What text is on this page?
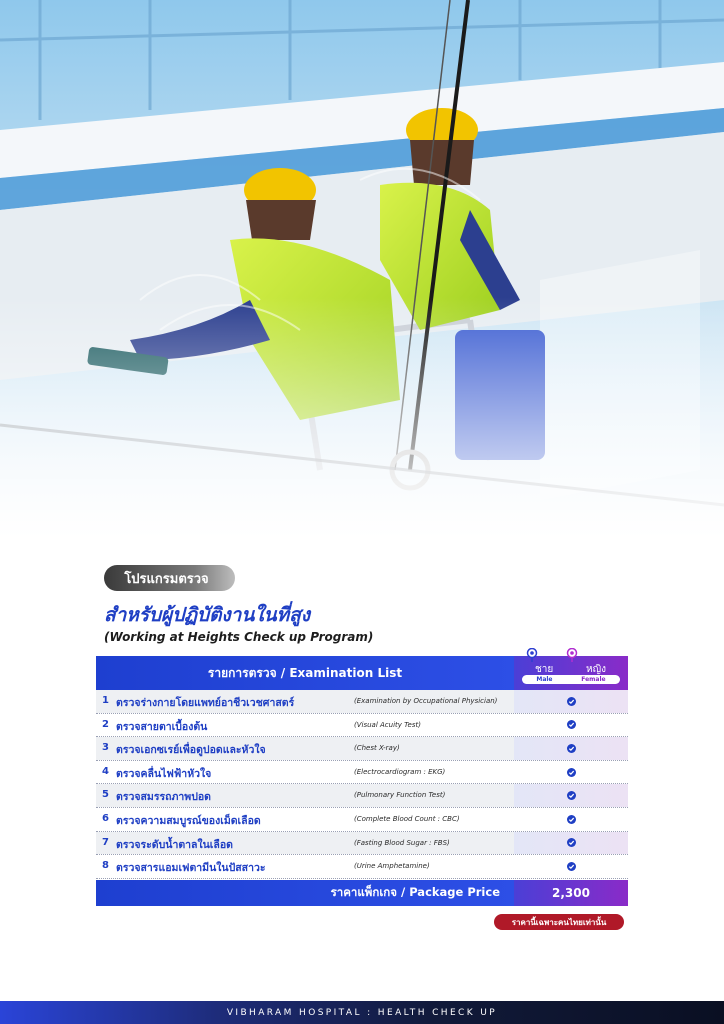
โปรแกรมตรวจ
สำหรับผู้ปฏิบัติงานในที่สูง
(Working at Heights Check up Program)
รายการตรวจ / Examination List	ชาย	หญิง
Male	Female
1 ตรวจร่างกายโดยแพทย์อาชีวเวชศาสตร์	(Examination by Occupational Physician)
2 ตรวจสายตาเบื้องต้น	(Visual Acuity Test)
3 ตรวจเอกซเรย์เพื่อดูปอดและหัวใจ	(Chest X-ray)
4 ตรวจคลื่นไฟฟ้าหัวใจ	(Electrocardiogram : EKG)
5 ตรวจสมรรถภาพปอด	(Pulmonary Function Test)
6 ตรวจความสมบูรณ์ของเม็ดเลือด	(Complete Blood Count : CBC)
7 ตรวจระดับน้ำตาลในเลือด	(Fasting Blood Sugar : FBS)
8 ตรวจสารแอมเฟตามีนในปัสสาวะ	(Urine Amphetamine)
ราคาแพ็กเกจ / Package Price	2,300
ราคานี้เฉพาะคนไทยเท่านั้น
VIBHARAM HOSPITAL : HEALTH CHECK UP
